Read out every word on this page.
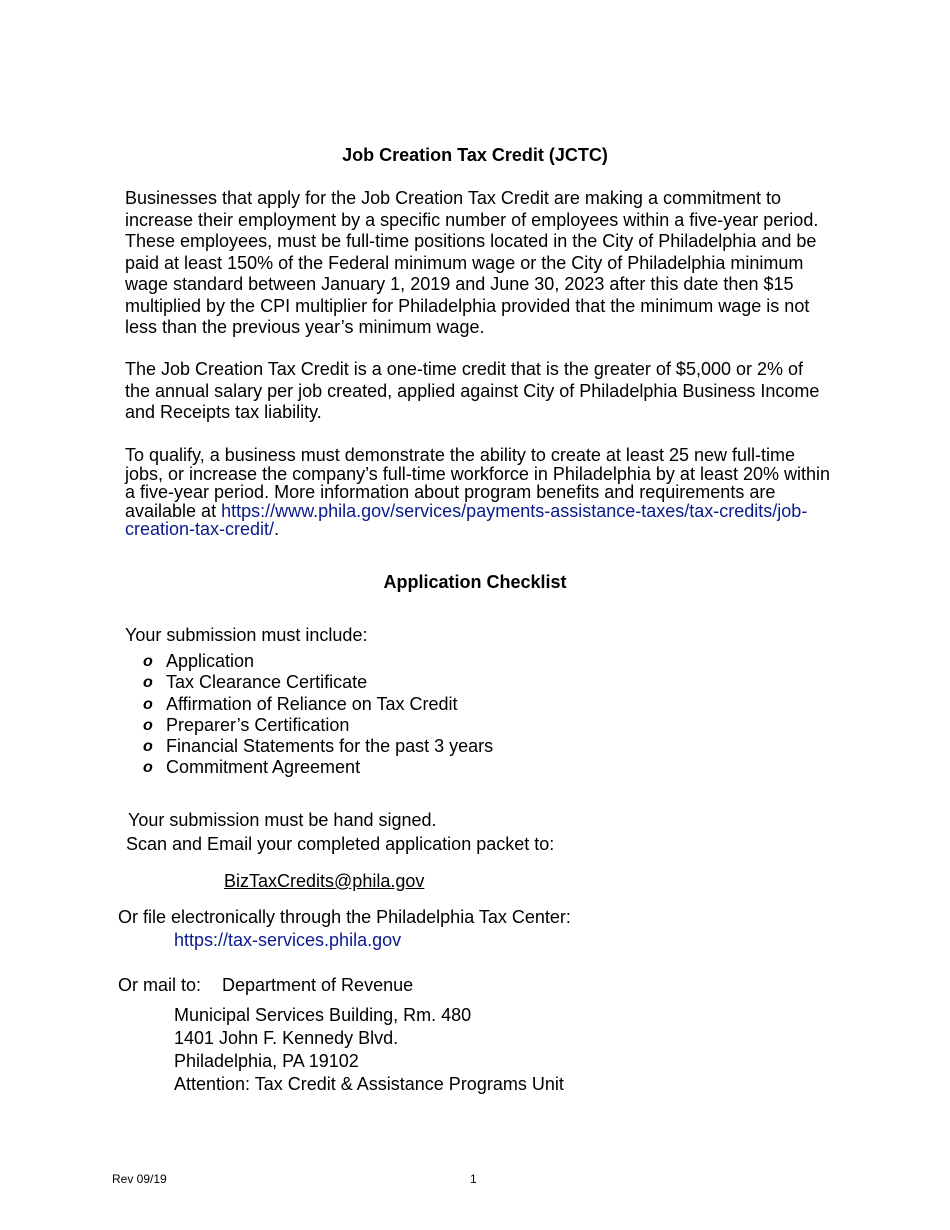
Job Creation Tax Credit (JCTC)
Businesses that apply for the Job Creation Tax Credit are making a commitment to increase their employment by a specific number of employees within a five-year period. These employees, must be full-time positions located in the City of Philadelphia and be paid at least 150% of the Federal minimum wage or the City of Philadelphia minimum wage standard between January 1, 2019 and June 30, 2023 after this date then $15 multiplied by the CPI multiplier for Philadelphia provided that the minimum wage is not less than the previous year’s minimum wage.
The Job Creation Tax Credit is a one-time credit that is the greater of $5,000 or 2% of the annual salary per job created, applied against City of Philadelphia Business Income and Receipts tax liability.
To qualify, a business must demonstrate the ability to create at least 25 new full-time jobs, or increase the company’s full-time workforce in Philadelphia by at least 20% within a five-year period. More information about program benefits and requirements are available at https://www.phila.gov/services/payments-assistance-taxes/tax-credits/job-creation-tax-credit/.
Application Checklist
Your submission must include:
o Application
o Tax Clearance Certificate
o Affirmation of Reliance on Tax Credit
o Preparer’s Certification
o Financial Statements for the past 3 years
o Commitment Agreement
Your submission must be hand signed.
Scan and Email your completed application packet to:
BizTaxCredits@phila.gov
Or file electronically through the Philadelphia Tax Center:
https://tax-services.phila.gov
Or mail to: Department of Revenue
Municipal Services Building, Rm. 480
1401 John F. Kennedy Blvd.
Philadelphia, PA 19102
Attention: Tax Credit & Assistance Programs Unit
Rev 09/19	1
